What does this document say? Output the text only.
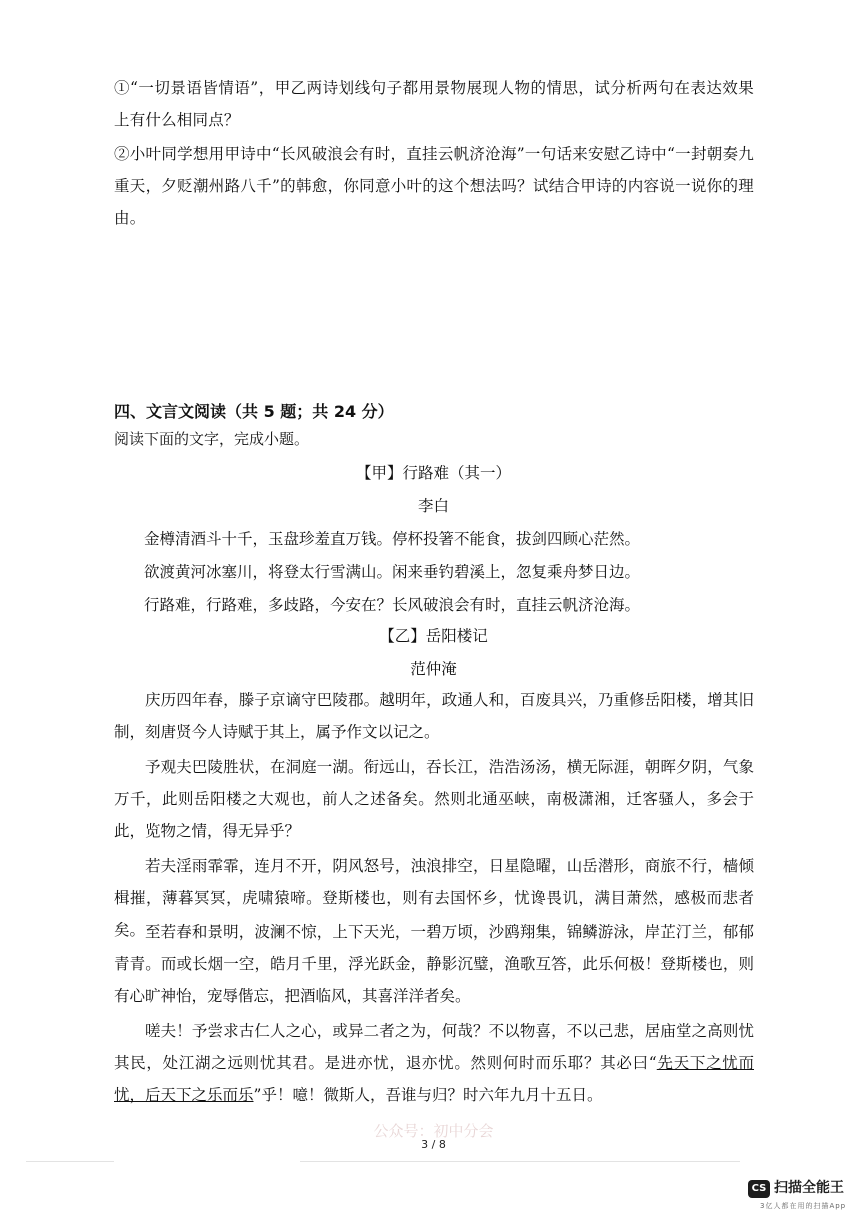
①“一切景语皆情语”，甲乙两诗划线句子都用景物展现人物的情思，试分析两句在表达效果上有什么相同点？

②小叶同学想用甲诗中“长风破浪会有时，直挂云帆济沧海”一句话来安慰乙诗中“一封朝奏九重天，夕贬潮州路八千”的韩愈，你同意小叶的这个想法吗？试结合甲诗的内容说一说你的理由。

四、文言文阅读（共 5 题；共 24 分）
阅读下面的文字，完成小题。
【甲】行路难（其一）
李白
金樽清酒斗十千，玉盘珍羞直万钱。停杯投箸不能食，拔剑四顾心茫然。
欲渡黄河冰塞川，将登太行雪满山。闲来垂钓碧溪上，忽复乘舟梦日边。
行路难，行路难，多歧路，今安在？长风破浪会有时，直挂云帆济沧海。
【乙】岳阳楼记
范仲淹

庆历四年春，滕子京谪守巴陵郡。越明年，政通人和，百废具兴，乃重修岳阳楼，增其旧制，刻唐贤今人诗赋于其上，属予作文以记之。

予观夫巴陵胜状，在洞庭一湖。衔远山，吞长江，浩浩汤汤，横无际涯，朝晖夕阴，气象万千，此则岳阳楼之大观也，前人之述备矣。然则北通巫峡，南极潇湘，迁客骚人，多会于此，览物之情，得无异乎？

若夫淫雨霏霏，连月不开，阴风怒号，浊浪排空，日星隐曜，山岳潜形，商旅不行，樯倾楫摧，薄暮冥冥，虎啸猿啼。登斯楼也，则有去国怀乡，忧谗畏讥，满目萧然，感极而悲者矣。 至若春和景明，波澜不惊，上下天光，一碧万顷，沙鸥翔集，锦鳞游泳，岸芷汀兰，郁郁青青。而或长烟一空，皓月千里，浮光跃金，静影沉璧，渔歌互答，此乐何极！登斯楼也，则有心旷神怡，宠辱偕忘，把酒临风，其喜洋洋者矣。

嗟夫！予尝求古仁人之心，或异二者之为，何哉？不以物喜，不以己悲，居庙堂之高则忧其民，处江湖之远则忧其君。是进亦忧，退亦忧。然则何时而乐耶？其必曰“先天下之忧而忧，后天下之乐而乐”乎！噫！微斯人，吾谁与归？时六年九月十五日。

公众号：初中分会
3 / 8
CS 扫描全能王
3亿人都在用的扫描App
